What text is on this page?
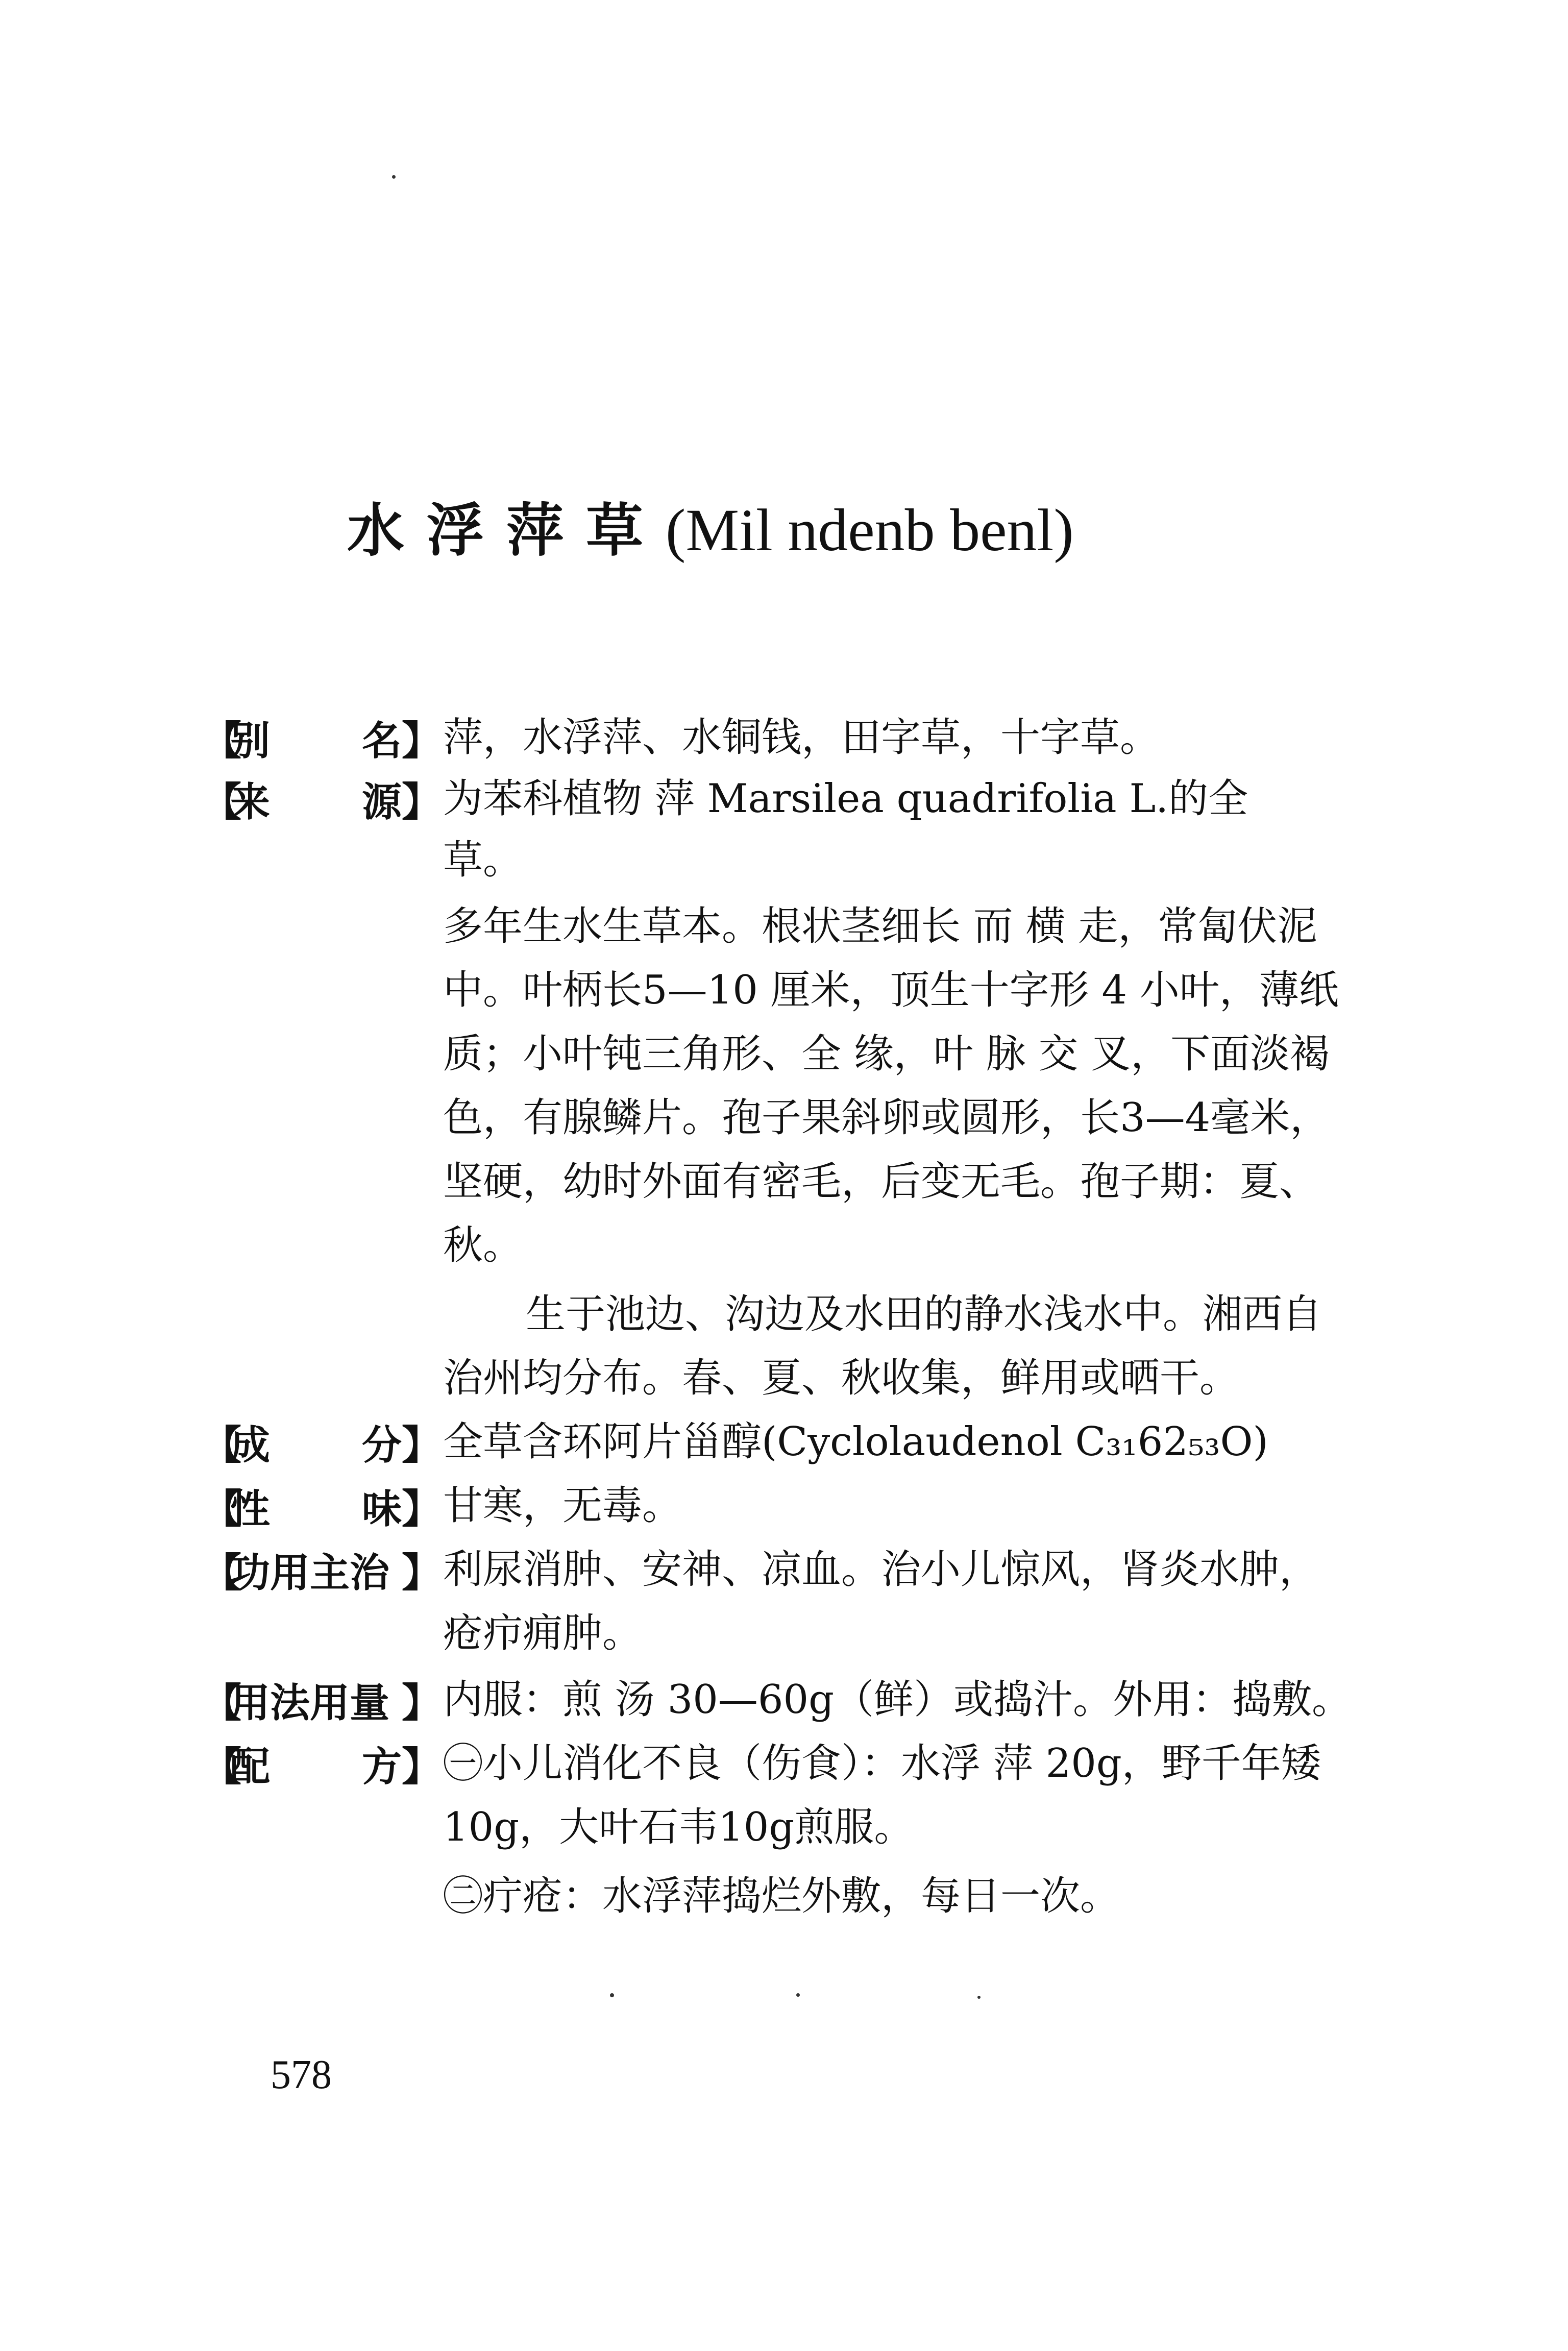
水浮萍草(Mil ndenb benl)
【
别 名 】 萍，水浮萍、水铜钱，田字草，十字草。
【
来 源 】 为苯科植物 萍 Marsilea quadrifolia L.的全
草。
多年生水生草本。根状茎细长 而 横 走，常匐伏泥
中。叶柄长5—10 厘米，顶生十字形 4 小叶，薄纸
质；小叶钝三角形、全 缘，叶 脉 交 叉，下面淡褐
色，有腺鳞片。孢子果斜卵或圆形，长3—4毫米，
坚硬，幼时外面有密毛，后变无毛。孢子期：夏、
秋。
生于池边、沟边及水田的静水浅水中。湘西自
治州均分布。春、夏、秋收集，鲜用或晒干。
【
成 分 】 全草含环阿片甾醇(Cyclolaudenol C₃₁62₅₃O)
【
性 味 】 甘寒，无毒。
【
功用主治 】 利尿消肿、安神、凉血。治小儿惊风，肾炎水肿，
疮疖痈肿。
【
用法用量 】 内服：煎 汤 30—60g（鲜）或捣汁。外用：捣敷。
【
配 方 】 ㊀小儿消化不良（伤食）：水浮 萍 20g，野千年矮
10g，大叶石韦10g煎服。
㊁疔疮：水浮萍捣烂外敷，每日一次。
578
